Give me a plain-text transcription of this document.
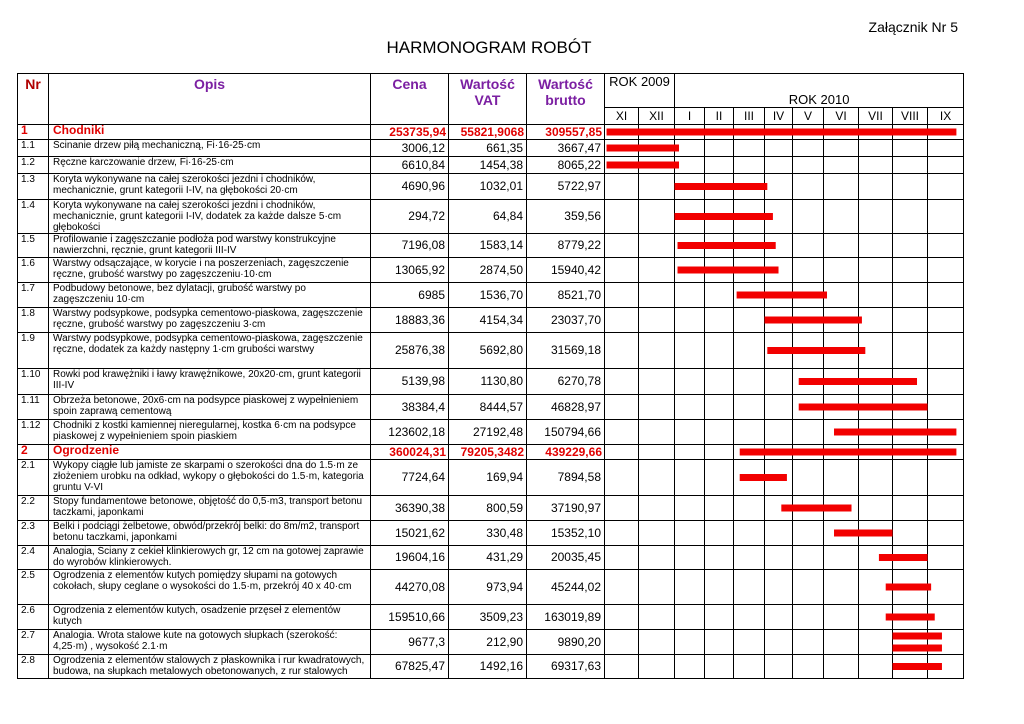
Załącznik Nr 5
HARMONOGRAM ROBÓT
Nr	Opis	Cena	Wartość VAT	Wartość brutto	ROK 2009		ROK 2010								
					XI	XII	I	II	III	IV	V	VI	VII	VIII	IX
1	Chodniki	253735,94	55821,9068	309557,85											
1.1	Ścinanie drzew piłą mechaniczną, Fi·16-25·cm	3006,12	661,35	3667,47											
1.2	Ręczne karczowanie drzew, Fi·16-25·cm	6610,84	1454,38	8065,22											
1.3	Koryta wykonywane na całej szerokości jezdni i chodników, mechanicznie, grunt kategorii I-IV, na głębokości 20·cm	4690,96	1032,01	5722,97											
1.4	Koryta wykonywane na całej szerokości jezdni i chodników, mechanicznie, grunt kategorii I-IV, dodatek za każde dalsze 5·cm głębokości	294,72	64,84	359,56											
1.5	Profilowanie i zagęszczanie podłoża pod warstwy konstrukcyjne nawierzchni, ręcznie, grunt kategorii III-IV	7196,08	1583,14	8779,22											
1.6	Warstwy odsączające, w korycie i na poszerzeniach, zagęszczenie ręczne, grubość warstwy po zagęszczeniu·10·cm	13065,92	2874,50	15940,42											
1.7	Podbudowy betonowe, bez dylatacji, grubość warstwy po zagęszczeniu 10·cm	6985	1536,70	8521,70											
1.8	Warstwy podsypkowe, podsypka cementowo-piaskowa, zagęszczenie ręczne, grubość warstwy po zagęszczeniu 3·cm	18883,36	4154,34	23037,70											
1.9	Warstwy podsypkowe, podsypka cementowo-piaskowa, zagęszczenie ręczne, dodatek za każdy następny 1·cm grubości warstwy	25876,38	5692,80	31569,18											
1.10	Rowki pod krawężniki i ławy krawężnikowe, 20x20·cm, grunt kategorii III-IV	5139,98	1130,80	6270,78											
1.11	Obrzeża betonowe, 20x6·cm na podsypce piaskowej z wypełnieniem spoin zaprawą cementową	38384,4	8444,57	46828,97											
1.12	Chodniki z kostki kamiennej nieregularnej, kostka 6·cm na podsypce piaskowej z wypełnieniem spoin piaskiem	123602,18	27192,48	150794,66											
2	Ogrodzenie	360024,31	79205,3482	439229,66											
2.1	Wykopy ciągłe lub jamiste ze skarpami o szerokości dna do 1.5·m ze złożeniem urobku na odkład, wykopy o głębokości do 1.5·m, kategoria gruntu V-VI	7724,64	169,94	7894,58											
2.2	Stopy fundamentowe betonowe, objętość do 0,5·m3, transport betonu taczkami, japonkami	36390,38	800,59	37190,97											
2.3	Belki i podciągi żelbetowe, obwód/przekrój belki: do 8m/m2, transport betonu taczkami, japonkami	15021,62	330,48	15352,10											
2.4	Analogia, Ściany z cekieł klinkierowych gr, 12 cm na gotowej zaprawie do wyrobów klinkierowych.	19604,16	431,29	20035,45											
2.5	Ogrodzenia z elementów kutych pomiędzy słupami na gotowych cokołach, słupy ceglane o wysokości do 1.5·m, przekrój 40 x 40·cm	44270,08	973,94	45244,02											
2.6	Ogrodzenia z elementów kutych, osadzenie przęseł z elementów kutych	159510,66	3509,23	163019,89											
2.7	Analogia. Wrota stalowe kute na gotowych słupkach (szerokość: 4,25·m) , wysokość 2.1·m	9677,3	212,90	9890,20											
2.8	Ogrodzenia z elementów stalowych z płaskownika i rur kwadratowych, budowa, na słupkach metalowych obetonowanych, z rur stalowych	67825,47	1492,16	69317,63											
